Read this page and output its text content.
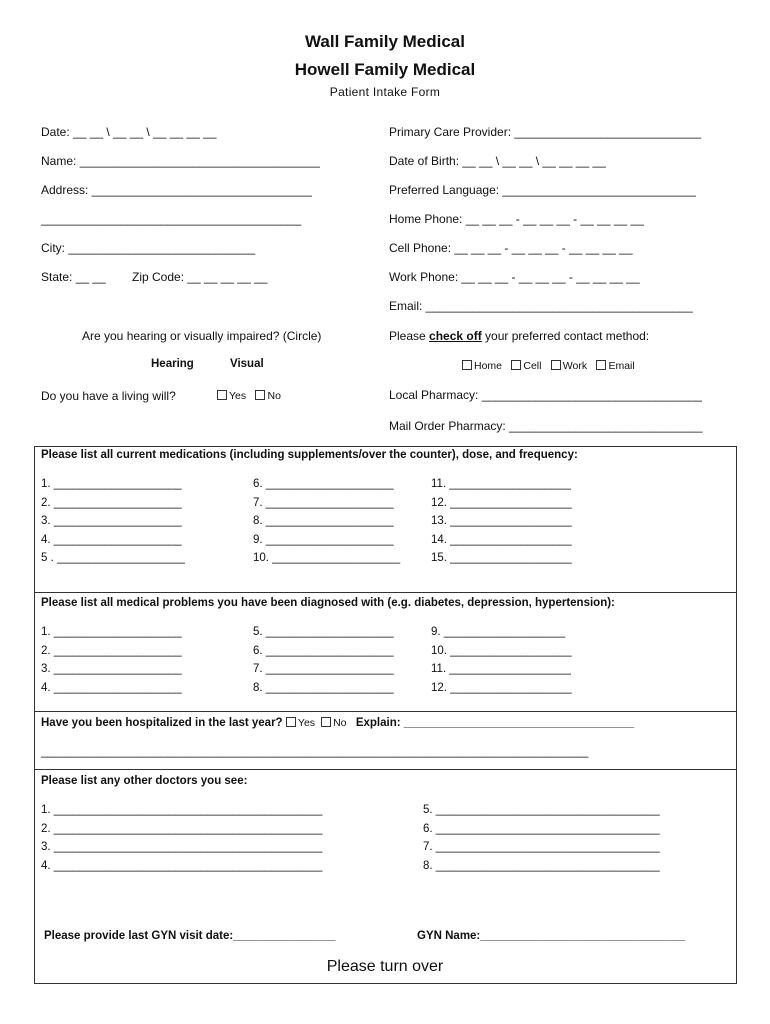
Wall Family Medical
Howell Family Medical
Patient Intake Form
Date: __ __ \ __ __ \ __ __ __ __
Name: ____________________________________
Address: _________________________________
_______________________________________
City: ____________________________
State: __ __ Zip Code: __ __ __ __ __
Are you hearing or visually impaired? (Circle)
Hearing	Visual
Do you have a living will?	Yes No
Primary Care Provider: ____________________________
Date of Birth: __ __ \ __ __ \ __ __ __ __
Preferred Language: _____________________________
Home Phone: __ __ __ - __ __ __ - __ __ __ __
Cell Phone: __ __ __ - __ __ __ - __ __ __ __
Work Phone: __ __ __ - __ __ __ - __ __ __ __
Email: ________________________________________
Please check off your preferred contact method:
Home Cell Work Email
Local Pharmacy: _________________________________
Mail Order Pharmacy: _____________________________
Please list all current medications (including supplements/over the counter), dose, and frequency:
1. ____________________
2. ____________________
3. ____________________
4. ____________________
5 . ____________________
6. ____________________
7. ____________________
8. ____________________
9. ____________________
10. ____________________
11. ___________________
12. ___________________
13. ___________________
14. ___________________
15. ___________________
Please list all medical problems you have been diagnosed with (e.g. diabetes, depression, hypertension):
1. ____________________
2. ____________________
3. ____________________
4. ____________________
5. ____________________
6. ____________________
7. ____________________
8. ____________________
9. ___________________
10. ___________________
11. ___________________
12. ___________________
Have you been hospitalized in the last year? Yes No Explain: ____________________________________
__________________________________________________________________________________
Please list any other doctors you see:
1. __________________________________________
2. __________________________________________
3. __________________________________________
4. __________________________________________
5. ___________________________________
6. ___________________________________
7. ___________________________________
8. ___________________________________
Please provide last GYN visit date:________________	GYN Name:________________________________
Please turn over
